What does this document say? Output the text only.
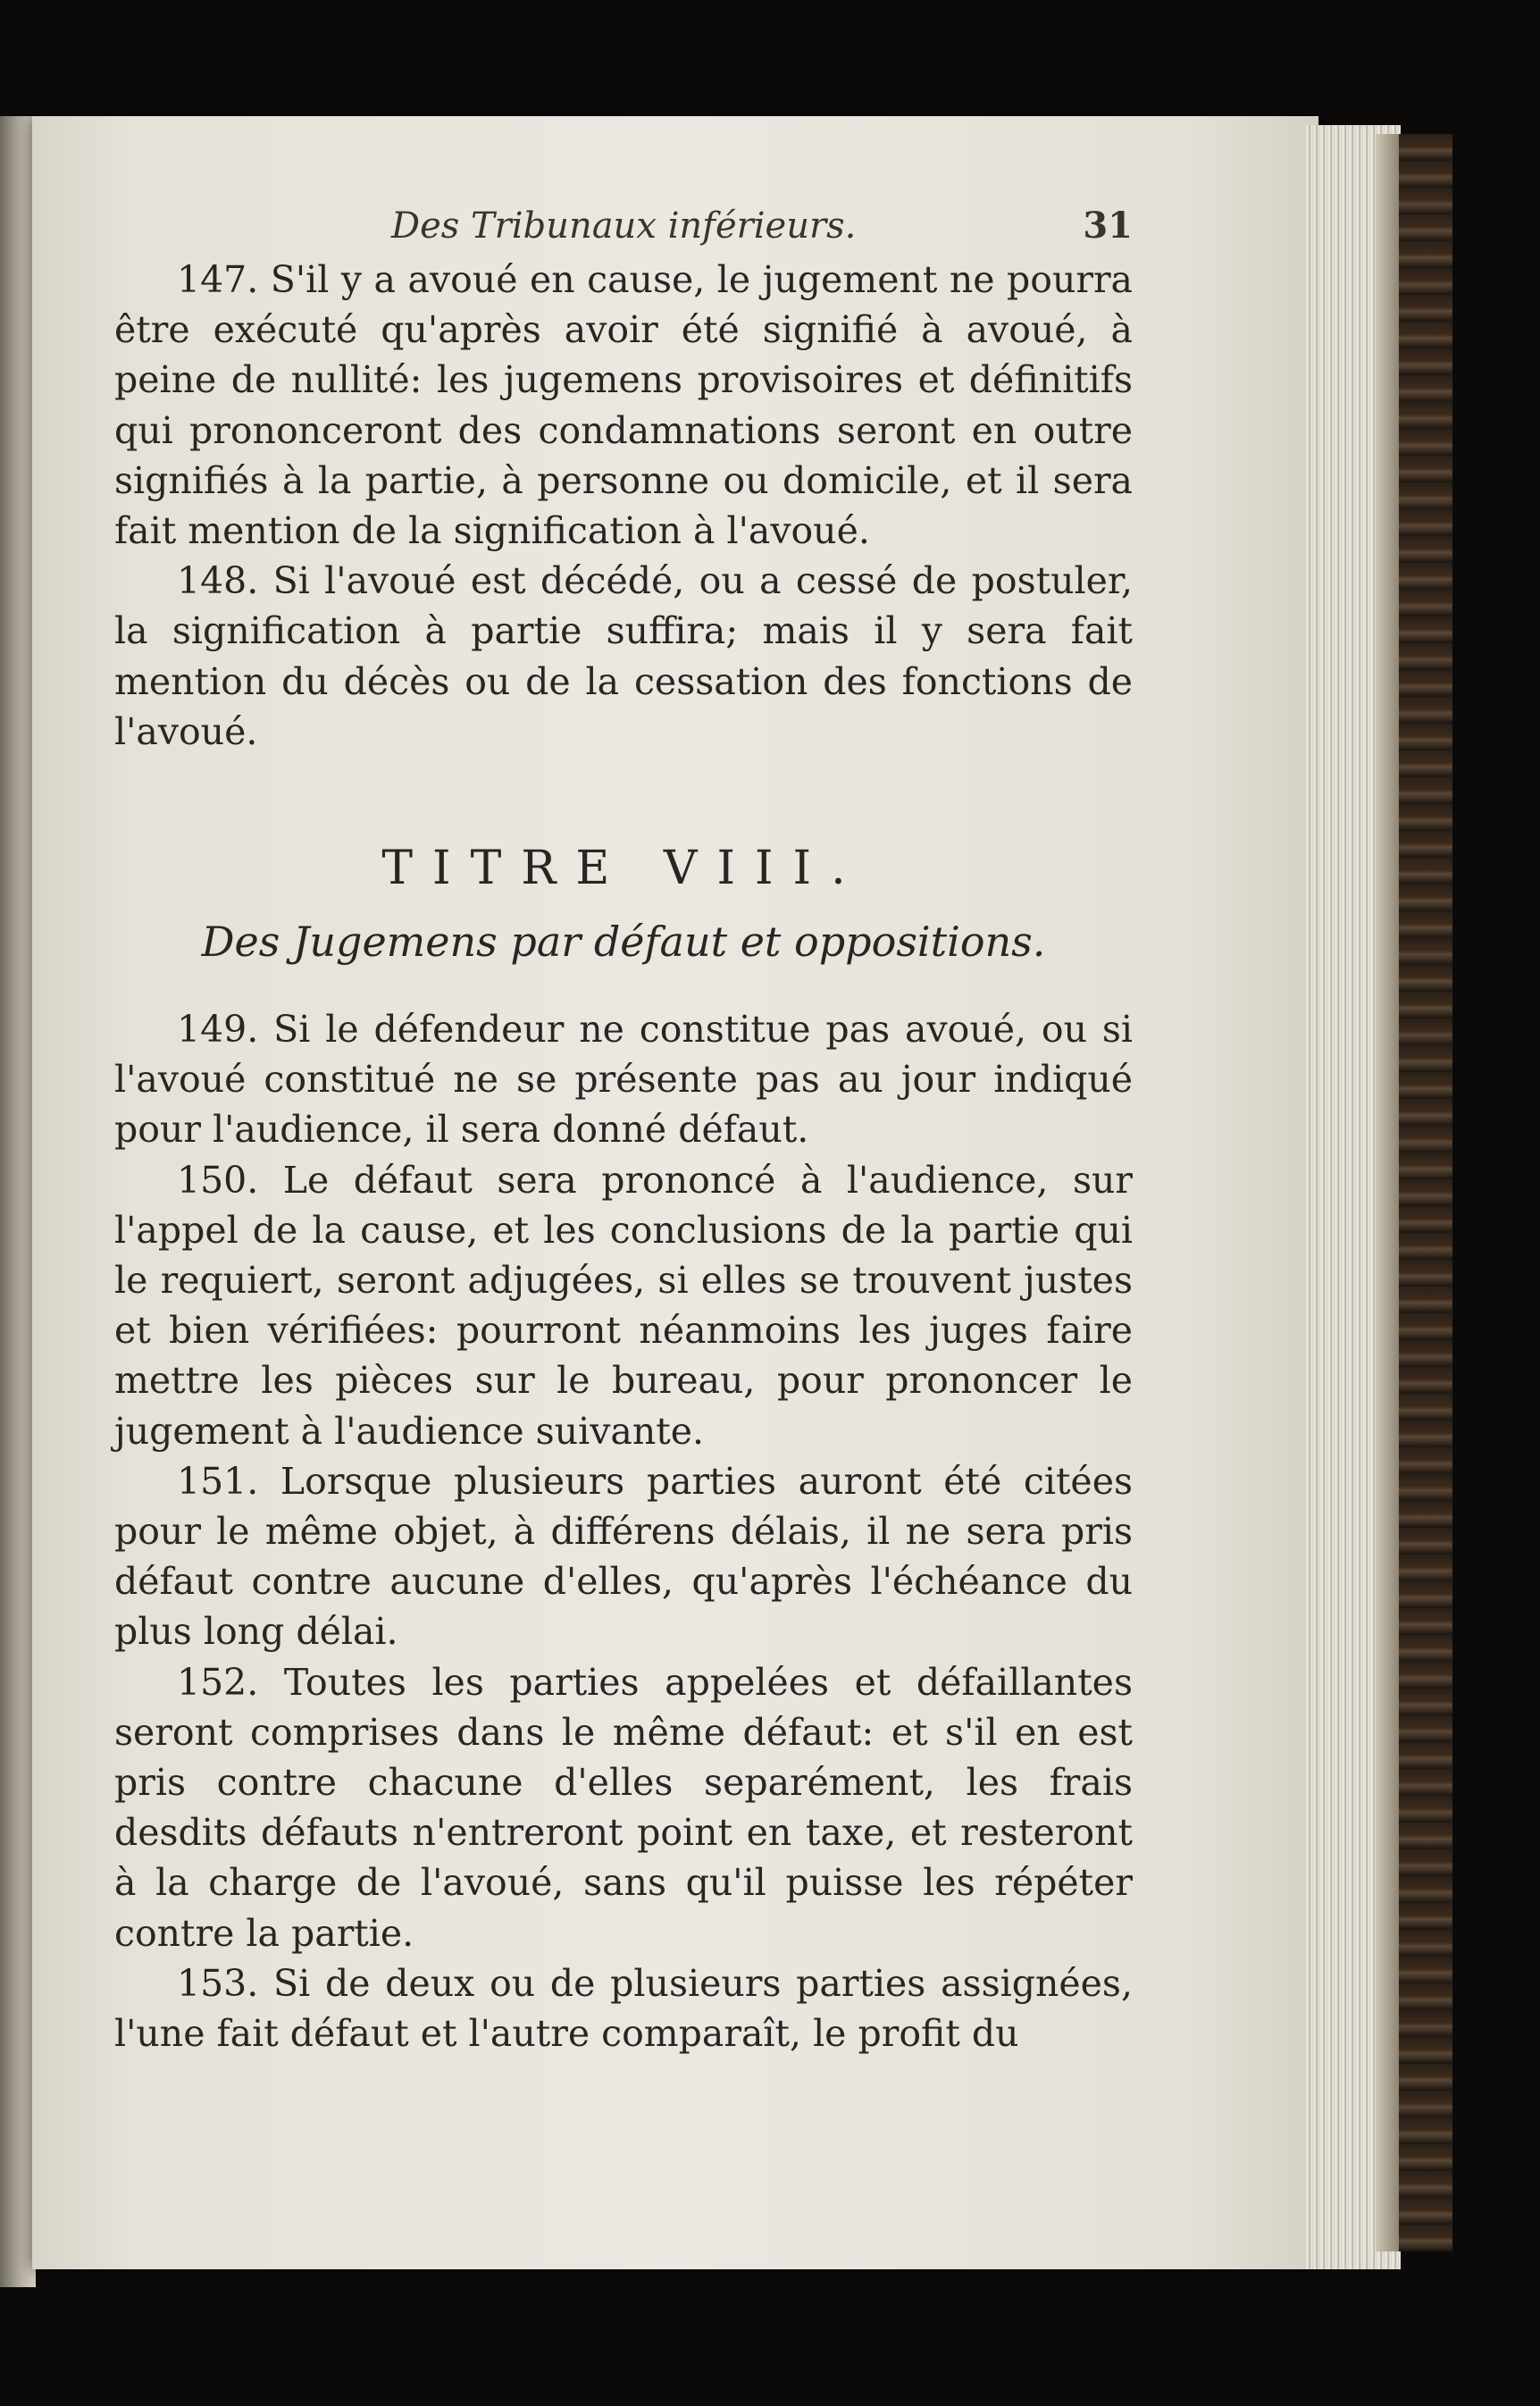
Des Tribunaux inférieurs.	31

147. S'il y a avoué en cause, le jugement ne pourra être exécuté qu'après avoir été signifié à avoué, à peine de nullité: les jugemens provisoires et définitifs qui prononceront des condamnations seront en outre signifiés à la partie, à personne ou domicile, et il sera fait mention de la signification à l'avoué.

148. Si l'avoué est décédé, ou a cessé de postuler, la signification à partie suffira; mais il y sera fait mention du décès ou de la cessation des fonctions de l'avoué.

TITRE VIII.

Des Jugemens par défaut et oppositions.

149. Si le défendeur ne constitue pas avoué, ou si l'avoué constitué ne se présente pas au jour indiqué pour l'audience, il sera donné défaut.

150. Le défaut sera prononcé à l'audience, sur l'appel de la cause, et les conclusions de la partie qui le requiert, seront adjugées, si elles se trouvent justes et bien vérifiées: pourront néanmoins les juges faire mettre les pièces sur le bureau, pour prononcer le jugement à l'audience suivante.

151. Lorsque plusieurs parties auront été citées pour le même objet, à différens délais, il ne sera pris défaut contre aucune d'elles, qu'après l'échéance du plus long délai.

152. Toutes les parties appelées et défaillantes seront comprises dans le même défaut: et s'il en est pris contre chacune d'elles separément, les frais desdits défauts n'entreront point en taxe, et resteront à la charge de l'avoué, sans qu'il puisse les répéter contre la partie.

153. Si de deux ou de plusieurs parties assignées, l'une fait défaut et l'autre comparaît, le profit du
